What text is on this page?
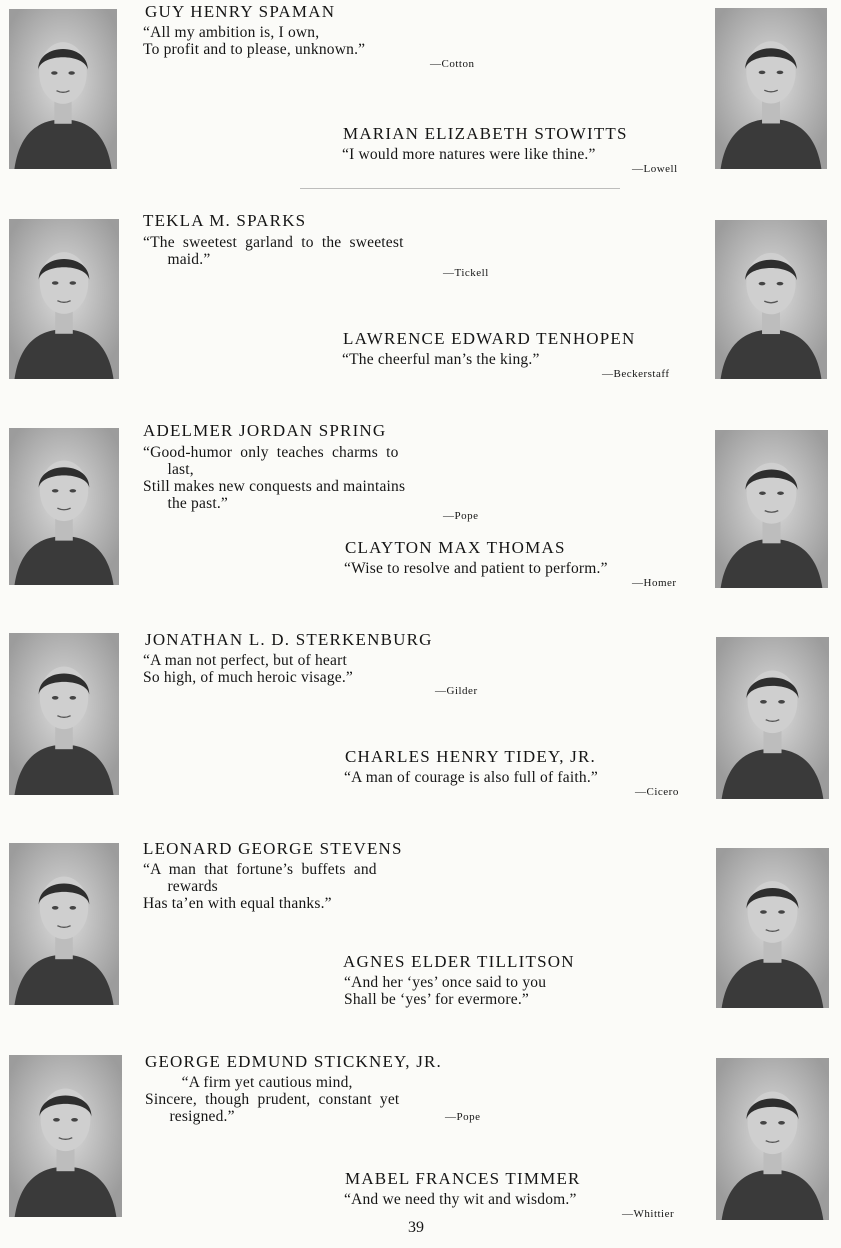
GUY HENRY SPAMAN
“All my ambition is, I own,
To profit and to please, unknown.”
—Cotton
MARIAN ELIZABETH STOWITTS
“I would more natures were like thine.”
—Lowell
TEKLA M. SPARKS
“The  sweetest  garland  to  the  sweetest
maid.”
—Tickell
LAWRENCE EDWARD TENHOPEN
“The cheerful man’s the king.”
—Beckerstaff
ADELMER JORDAN SPRING
“Good-humor  only  teaches  charms  to
last,
Still makes new conquests and maintains
the past.”
—Pope
CLAYTON MAX THOMAS
“Wise to resolve and patient to perform.”
—Homer
JONATHAN L. D. STERKENBURG
“A man not perfect, but of heart
So high, of much heroic visage.”
—Gilder
CHARLES HENRY TIDEY, JR.
“A man of courage is also full of faith.”
—Cicero
LEONARD GEORGE STEVENS
“A  man  that  fortune’s  buffets  and
rewards
Has ta’en with equal thanks.”
AGNES ELDER TILLITSON
“And her ‘yes’ once said to you
Shall be ‘yes’ for evermore.”
GEORGE EDMUND STICKNEY, JR.
“A firm yet cautious mind,
Sincere,  though  prudent,  constant  yet
resigned.”	—Pope
MABEL FRANCES TIMMER
“And we need thy wit and wisdom.”
—Whittier
39
